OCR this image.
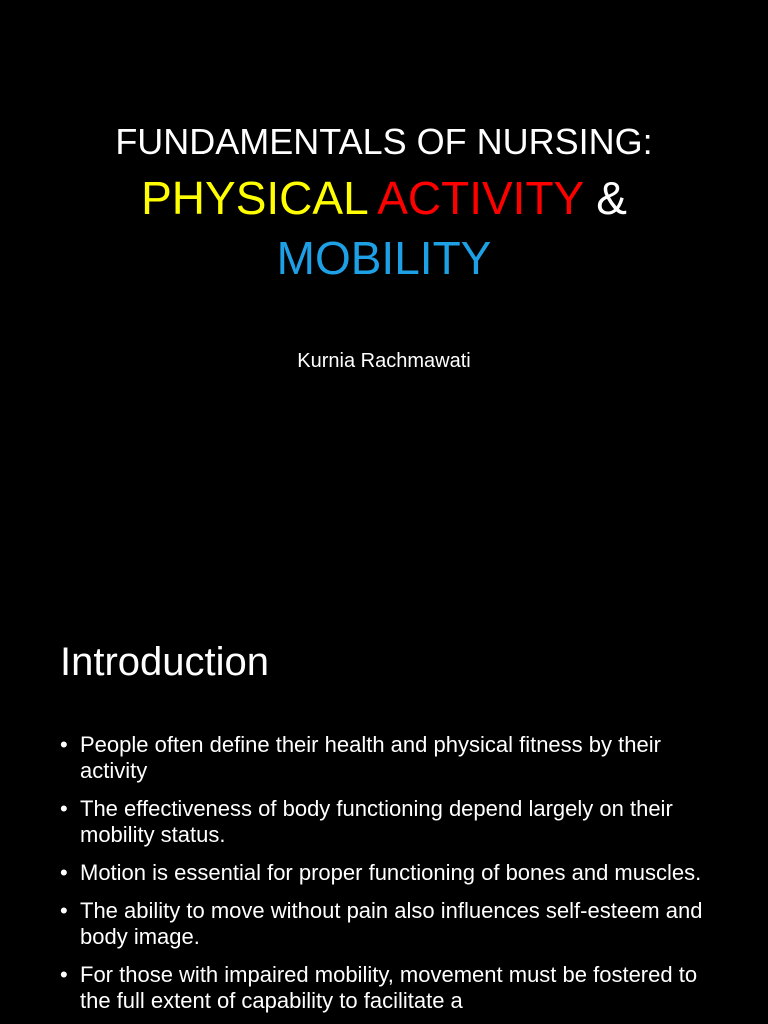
FUNDAMENTALS OF NURSING:
PHYSICAL ACTIVITY &
MOBILITY
Kurnia Rachmawati
Introduction
• People often define their health and physical fitness by their activity
• The effectiveness of body functioning depend largely on their mobility status.
• Motion is essential for proper functioning of bones and muscles.
• The ability to move without pain also influences self-esteem and body image.
• For those with impaired mobility, movement must be fostered to the full extent of capability to facilitate a
